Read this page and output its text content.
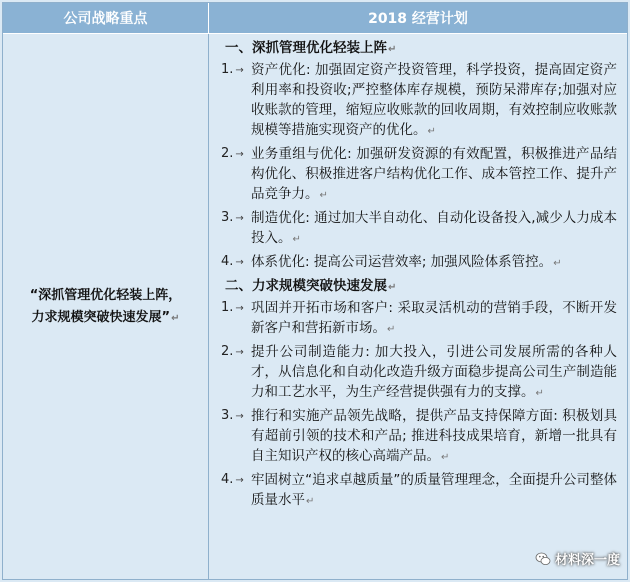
公司战略重点	2018 经营计划
“深抓管理优化轻装上阵，
力求规模突破快速发展”↵
一、深抓管理优化轻装上阵↵
1. → 资产优化: 加强固定资产投资管理，科学投资，提高固定资产利用率和投资收;严控整体库存规模，预防呆滞库存;加强对应收账款的管理，缩短应收账款的回收周期，有效控制应收账款规模等措施实现资产的优化。↵
2. → 业务重组与优化: 加强研发资源的有效配置，积极推进产品结构优化、积极推进客户结构优化工作、成本管控工作、提升产品竞争力。↵
3. → 制造优化: 通过加大半自动化、自动化设备投入,减少人力成本投入。↵
4. → 体系优化: 提高公司运营效率; 加强风险体系管控。↵
二、力求规模突破快速发展↵
1. → 巩固并开拓市场和客户: 采取灵活机动的营销手段，不断开发新客户和营拓新市场。↵
2. → 提升公司制造能力: 加大投入，引进公司发展所需的各种人才，从信息化和自动化改造升级方面稳步提高公司生产制造能力和工艺水平，为生产经营提供强有力的支撑。↵
3. → 推行和实施产品领先战略，提供产品支持保障方面: 积极划具有超前引领的技术和产品; 推进科技成果培育，新增一批具有自主知识产权的核心高端产品。↵
4. → 牢固树立“追求卓越质量”的质量管理理念，全面提升公司整体质量水平↵
材料深一度
